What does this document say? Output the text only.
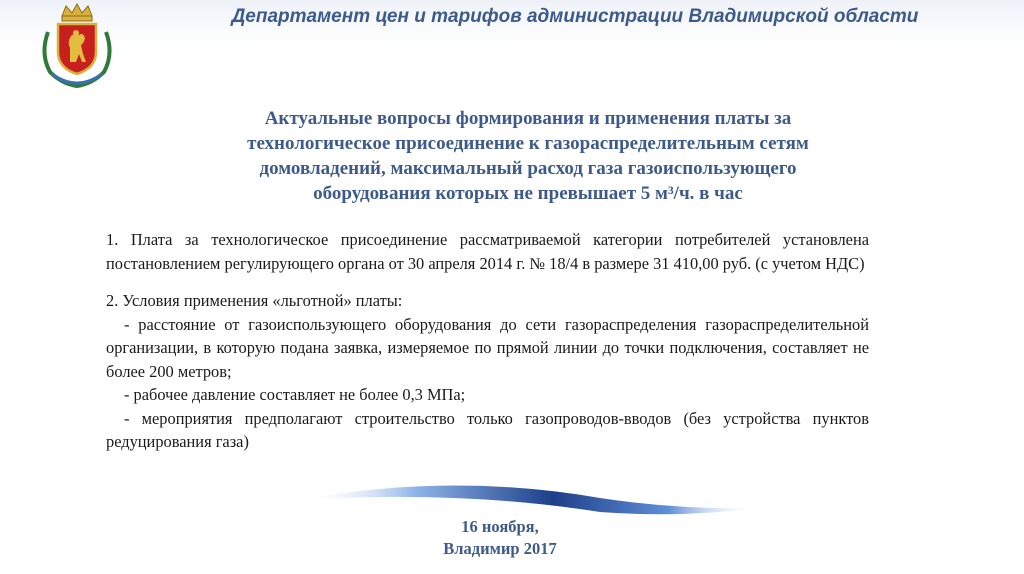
Департамент цен и тарифов администрации Владимирской области
Актуальные вопросы формирования и применения платы за
технологическое присоединение к газораспределительным сетям
домовладений, максимальный расход газа газоиспользующего
оборудования которых не превышает 5 м³/ч. в час

1. Плата за технологическое присоединение рассматриваемой категории потребителей установлена постановлением регулирующего органа от 30 апреля 2014 г. № 18/4 в размере 31 410,00 руб. (с учетом НДС)

2. Условия применения «льготной» платы:

- расстояние от газоиспользующего оборудования до сети газораспределения газораспределительной организации, в которую подана заявка, измеряемое по прямой линии до точки подключения, составляет не более 200 метров;

- рабочее давление составляет не более 0,3 МПа;

- мероприятия предполагают строительство только газопроводов-вводов (без устройства пунктов редуцирования газа)

16 ноября,
Владимир 2017
